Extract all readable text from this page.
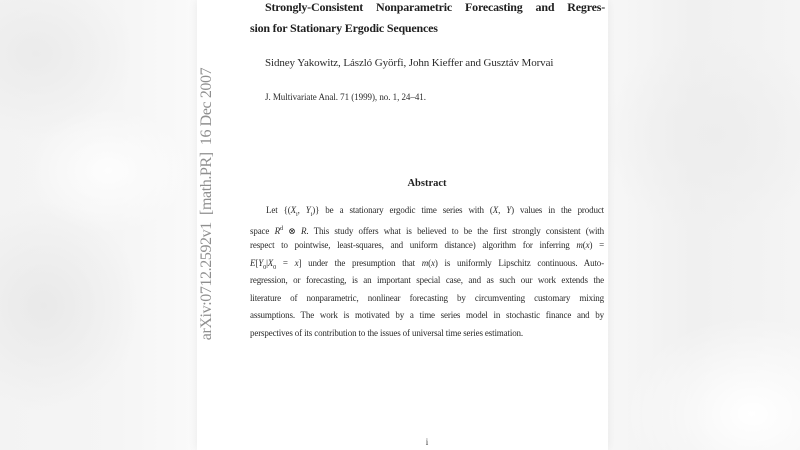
Strongly-Consistent Nonparametric Forecasting and Regres-
sion for Stationary Ergodic Sequences
Sidney Yakowitz, László Györfi, John Kieffer and Gusztáv Morvai
J. Multivariate Anal. 71 (1999), no. 1, 24–41.
Abstract
Let {($X_i$, $Y_i$)} be a stationary ergodic time series with (X, Y) values in the product
space $R^d$ ⊗ R. This study offers what is believed to be the first strongly consistent (with
respect to pointwise, least-squares, and uniform distance) algorithm for inferring m(x) =
$E[Y_0|X_0 = x]$ under the presumption that m(x) is uniformly Lipschitz continuous. Auto-
regression, or forecasting, is an important special case, and as such our work extends the
literature of nonparametric, nonlinear forecasting by circumventing customary mixing
assumptions. The work is motivated by a time series model in stochastic finance and by
perspectives of its contribution to the issues of universal time series estimation.
i
arXiv:0712.2592v1  [math.PR]  16 Dec 2007
